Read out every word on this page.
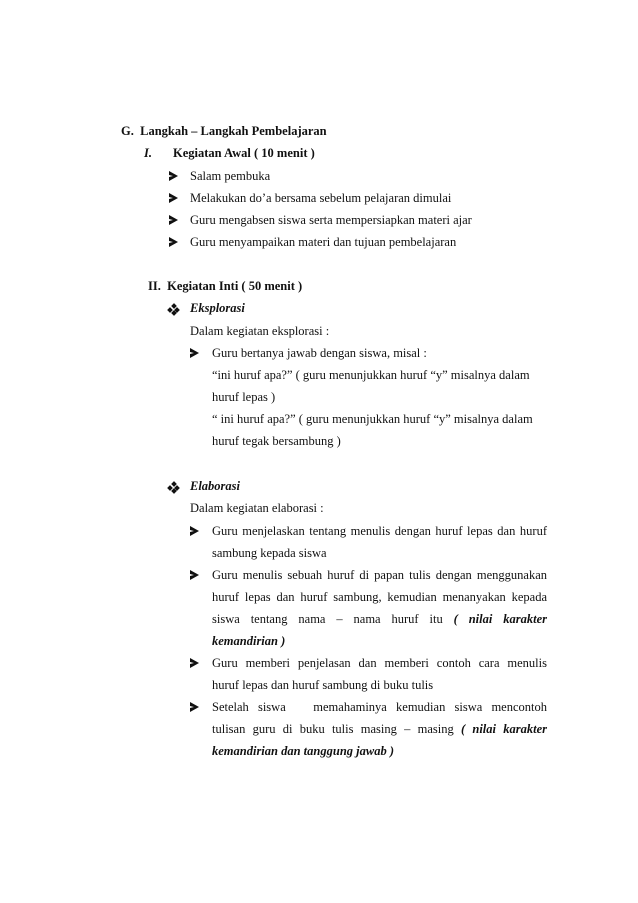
G. Langkah – Langkah Pembelajaran
I. Kegiatan Awal ( 10 menit )
Salam pembuka
Melakukan do’a bersama sebelum pelajaran dimulai
Guru mengabsen siswa serta mempersiapkan materi ajar
Guru menyampaikan materi dan tujuan pembelajaran
II. Kegiatan Inti ( 50 menit )
Eksplorasi
Dalam kegiatan eksplorasi :
Guru bertanya jawab dengan siswa, misal :
“ini huruf apa?” ( guru menunjukkan huruf “y” misalnya dalam
huruf lepas )
“ ini huruf apa?” ( guru menunjukkan huruf “y” misalnya dalam
huruf tegak bersambung )
Elaborasi
Dalam kegiatan elaborasi :
Guru menjelaskan tentang menulis dengan huruf lepas dan huruf
sambung kepada siswa
Guru menulis sebuah huruf di papan tulis dengan menggunakan
huruf lepas dan huruf sambung, kemudian menanyakan kepada
siswa tentang nama – nama huruf itu ( nilai karakter
kemandirian )
Guru memberi penjelasan dan memberi contoh cara menulis
huruf lepas dan huruf sambung di buku tulis
Setelah siswa   memahaminya kemudian siswa mencontoh
tulisan guru di buku tulis masing – masing ( nilai karakter
kemandirian dan tanggung jawab )
